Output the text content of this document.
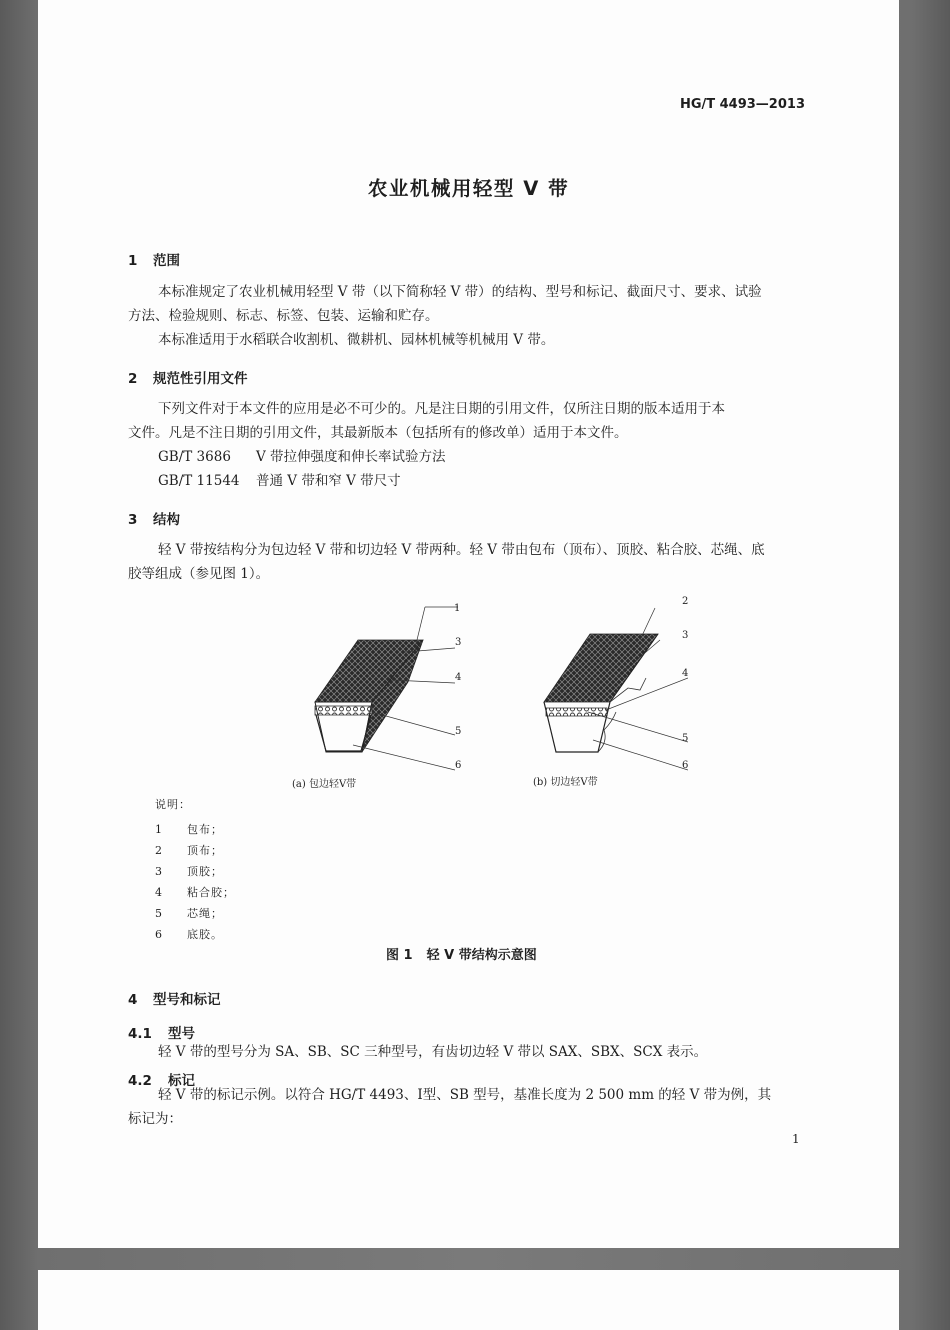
HG/T 4493—2013
农业机械用轻型 V 带
1 范围
本标准规定了农业机械用轻型 V 带（以下简称轻 V 带）的结构、型号和标记、截面尺寸、要求、试验
方法、检验规则、标志、标签、包装、运输和贮存。
本标准适用于水稻联合收割机、微耕机、园林机械等机械用 V 带。
2 规范性引用文件
下列文件对于本文件的应用是必不可少的。凡是注日期的引用文件，仅所注日期的版本适用于本
文件。凡是不注日期的引用文件，其最新版本（包括所有的修改单）适用于本文件。
GB/T 3686 V 带拉伸强度和伸长率试验方法
GB/T 11544 普通 V 带和窄 V 带尺寸
3 结构
轻 V 带按结构分为包边轻 V 带和切边轻 V 带两种。轻 V 带由包布（顶布）、顶胶、粘合胶、芯绳、底
胶等组成（参见图 1）。
1
3
4
5
6
2
3
4
5
6
(a) 包边轻V带	(b) 切边轻V带
说明：
1 包布；
2 顶布；
3 顶胶；
4 粘合胶；
5 芯绳；
6 底胶。
图 1 轻 V 带结构示意图
4 型号和标记
4.1 型号
轻 V 带的型号分为 SA、SB、SC 三种型号，有齿切边轻 V 带以 SAX、SBX、SCX 表示。
4.2 标记
轻 V 带的标记示例。以符合 HG/T 4493、Ⅰ型、SB 型号，基准长度为 2 500 mm 的轻 V 带为例，其
标记为：
1
